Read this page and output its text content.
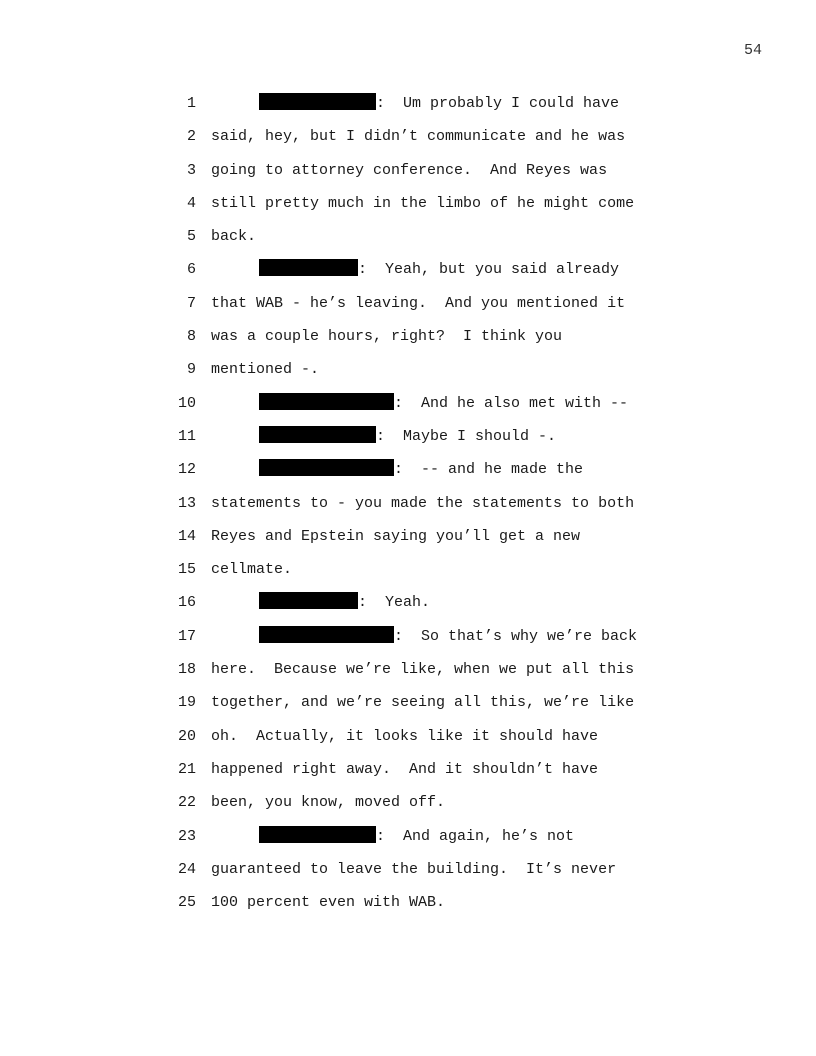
54
1	:  Um probably I could have
2 said, hey, but I didn’t communicate and he was
3 going to attorney conference.  And Reyes was
4 still pretty much in the limbo of he might come
5 back.
6	:  Yeah, but you said already
7 that WAB - he’s leaving.  And you mentioned it
8 was a couple hours, right?  I think you
9 mentioned -.
10	:  And he also met with --
11	:  Maybe I should -.
12	:  -- and he made the
13 statements to - you made the statements to both
14 Reyes and Epstein saying you’ll get a new
15 cellmate.
16	:  Yeah.
17	:  So that’s why we’re back
18 here.  Because we’re like, when we put all this
19 together, and we’re seeing all this, we’re like
20 oh.  Actually, it looks like it should have
21 happened right away.  And it shouldn’t have
22 been, you know, moved off.
23	:  And again, he’s not
24 guaranteed to leave the building.  It’s never
25 100 percent even with WAB.
